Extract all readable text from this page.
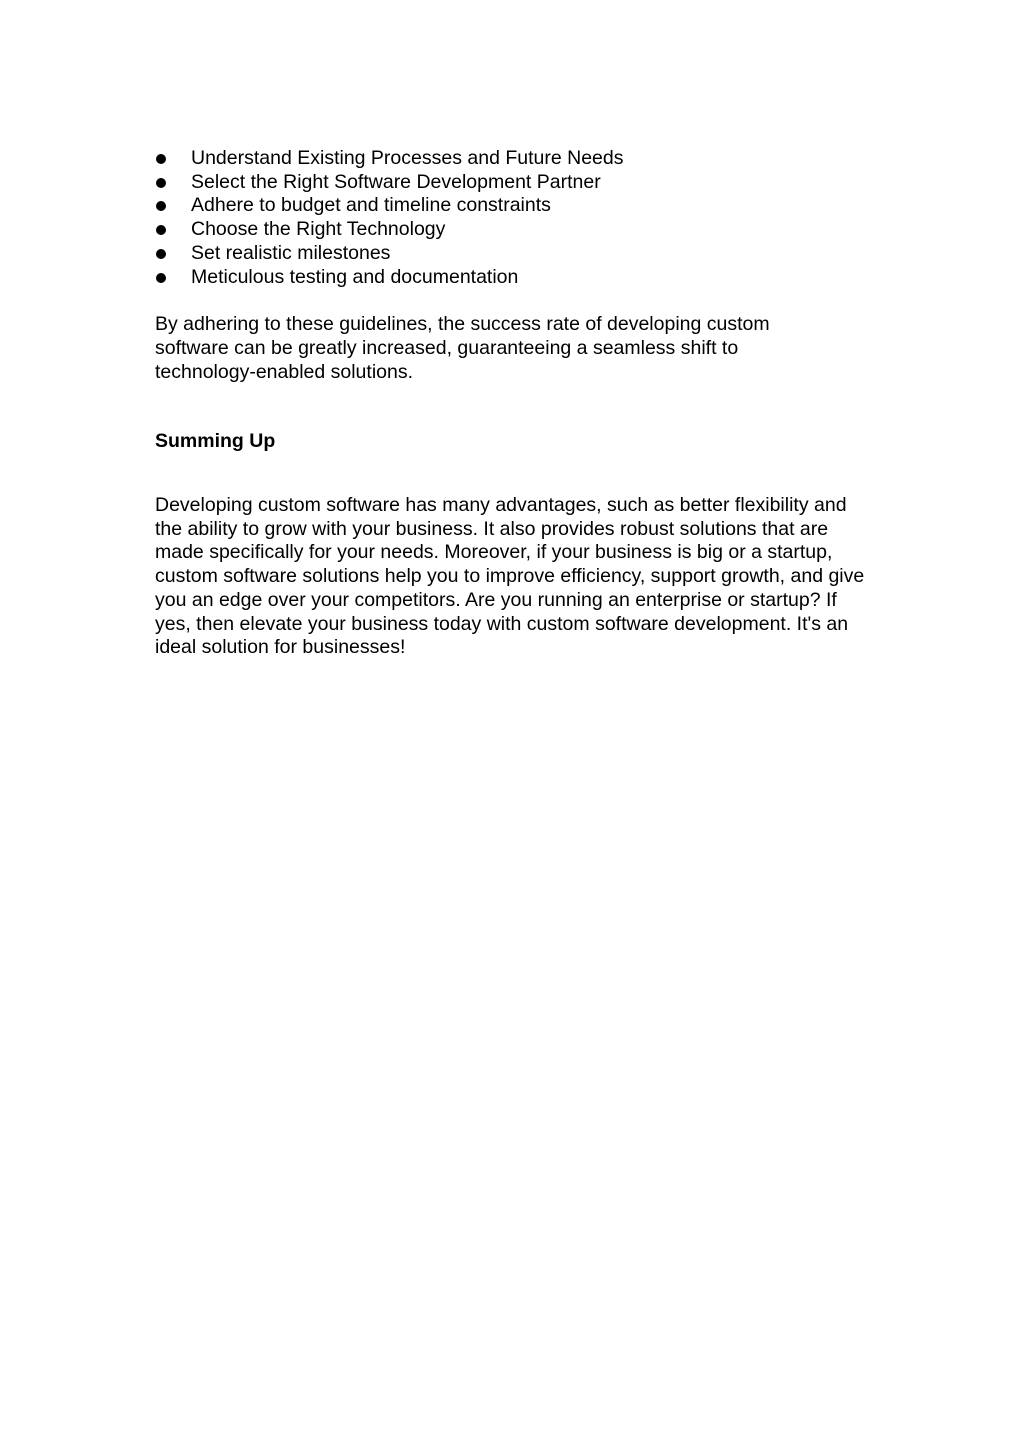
Understand Existing Processes and Future Needs
Select the Right Software Development Partner
Adhere to budget and timeline constraints
Choose the Right Technology
Set realistic milestones
Meticulous testing and documentation

By adhering to these guidelines, the success rate of developing custom software can be greatly increased, guaranteeing a seamless shift to technology-enabled solutions.

Summing Up

Developing custom software has many advantages, such as better flexibility and the ability to grow with your business. It also provides robust solutions that are made specifically for your needs. Moreover, if your business is big or a startup, custom software solutions help you to improve efficiency, support growth, and give you an edge over your competitors. Are you running an enterprise or startup? If yes, then elevate your business today with custom software development. It's an ideal solution for businesses!
